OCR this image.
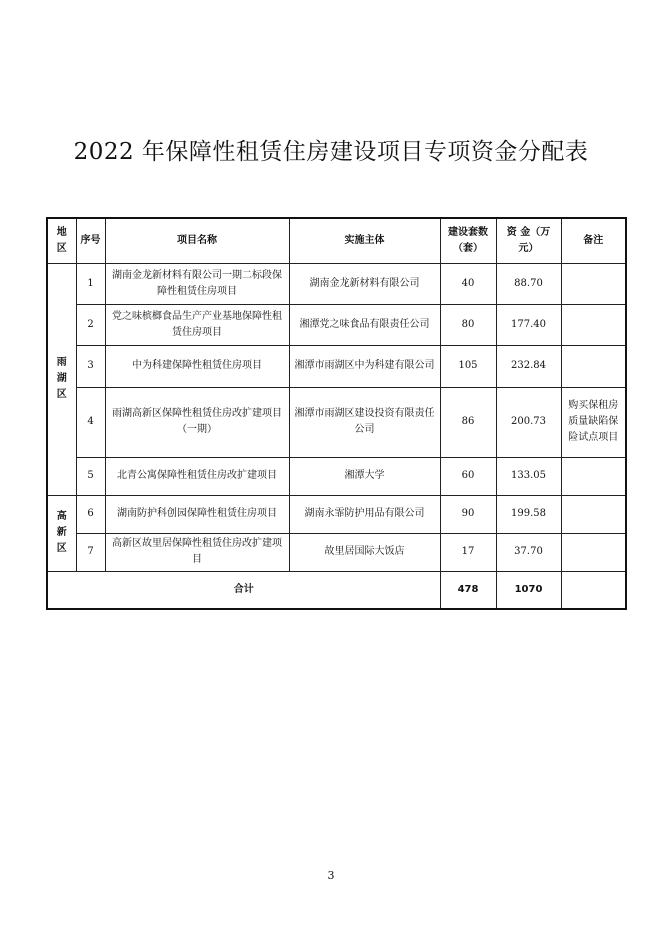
2022 年保障性租赁住房建设项目专项资金分配表
地区	序号	项目名称	实施主体	建设套数（套）	资 金（万元）	备注
雨湖区	1	湖南金龙新材料有限公司一期二标段保障性租赁住房项目	湖南金龙新材料有限公司	40	88.70	
	2	党之味槟榔食品生产产业基地保障性租赁住房项目	湘潭党之味食品有限责任公司	80	177.40	
	3	中为科建保障性租赁住房项目	湘潭市雨湖区中为科建有限公司	105	232.84	
	4	雨湖高新区保障性租赁住房改扩建项目（一期）	湘潭市雨湖区建设投资有限责任公司	86	200.73	购买保租房质量缺陷保险试点项目
	5	北青公寓保障性租赁住房改扩建项目	湘潭大学	60	133.05	
高新区	6	湖南防护科创园保障性租赁住房项目	湖南永霏防护用品有限公司	90	199.58	
	7	高新区故里居保障性租赁住房改扩建项目	故里居国际大饭店	17	37.70	
合计				478	1070	
3
